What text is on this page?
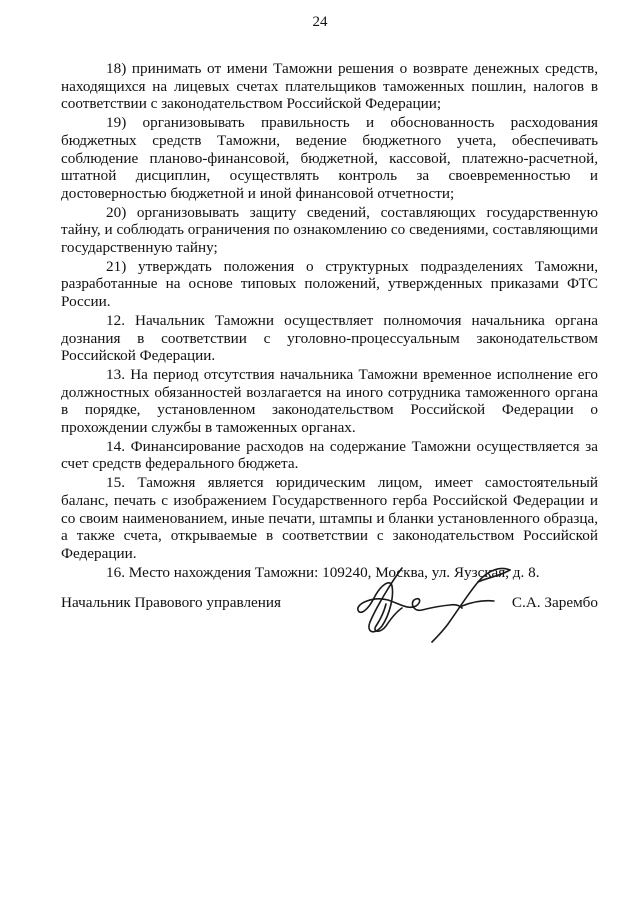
24

18) принимать от имени Таможни решения о возврате денежных средств, находящихся на лицевых счетах плательщиков таможенных пошлин, налогов в соответствии с законодательством Российской Федерации;

19) организовывать правильность и обоснованность расходования бюджетных средств Таможни, ведение бюджетного учета, обеспечивать соблюдение планово-финансовой, бюджетной, кассовой, платежно-расчетной, штатной дисциплин, осуществлять контроль за своевременностью и достоверностью бюджетной и иной финансовой отчетности;

20) организовывать защиту сведений, составляющих государственную тайну, и соблюдать ограничения по ознакомлению со сведениями, составляющими государственную тайну;

21) утверждать положения о структурных подразделениях Таможни, разработанные на основе типовых положений, утвержденных приказами ФТС России.

12. Начальник Таможни осуществляет полномочия начальника органа дознания в соответствии с уголовно-процессуальным законодательством Российской Федерации.

13. На период отсутствия начальника Таможни временное исполнение его должностных обязанностей возлагается на иного сотрудника таможенного органа в порядке, установленном законодательством Российской Федерации о прохождении службы в таможенных органах.

14. Финансирование расходов на содержание Таможни осуществляется за счет средств федерального бюджета.

15. Таможня является юридическим лицом, имеет самостоятельный баланс, печать с изображением Государственного герба Российской Федерации и со своим наименованием, иные печати, штампы и бланки установленного образца, а также счета, открываемые в соответствии с законодательством Российской Федерации.

16. Место нахождения Таможни: 109240, Москва, ул. Яузская, д. 8.

Начальник Правового управления	С.А. Зарембо
